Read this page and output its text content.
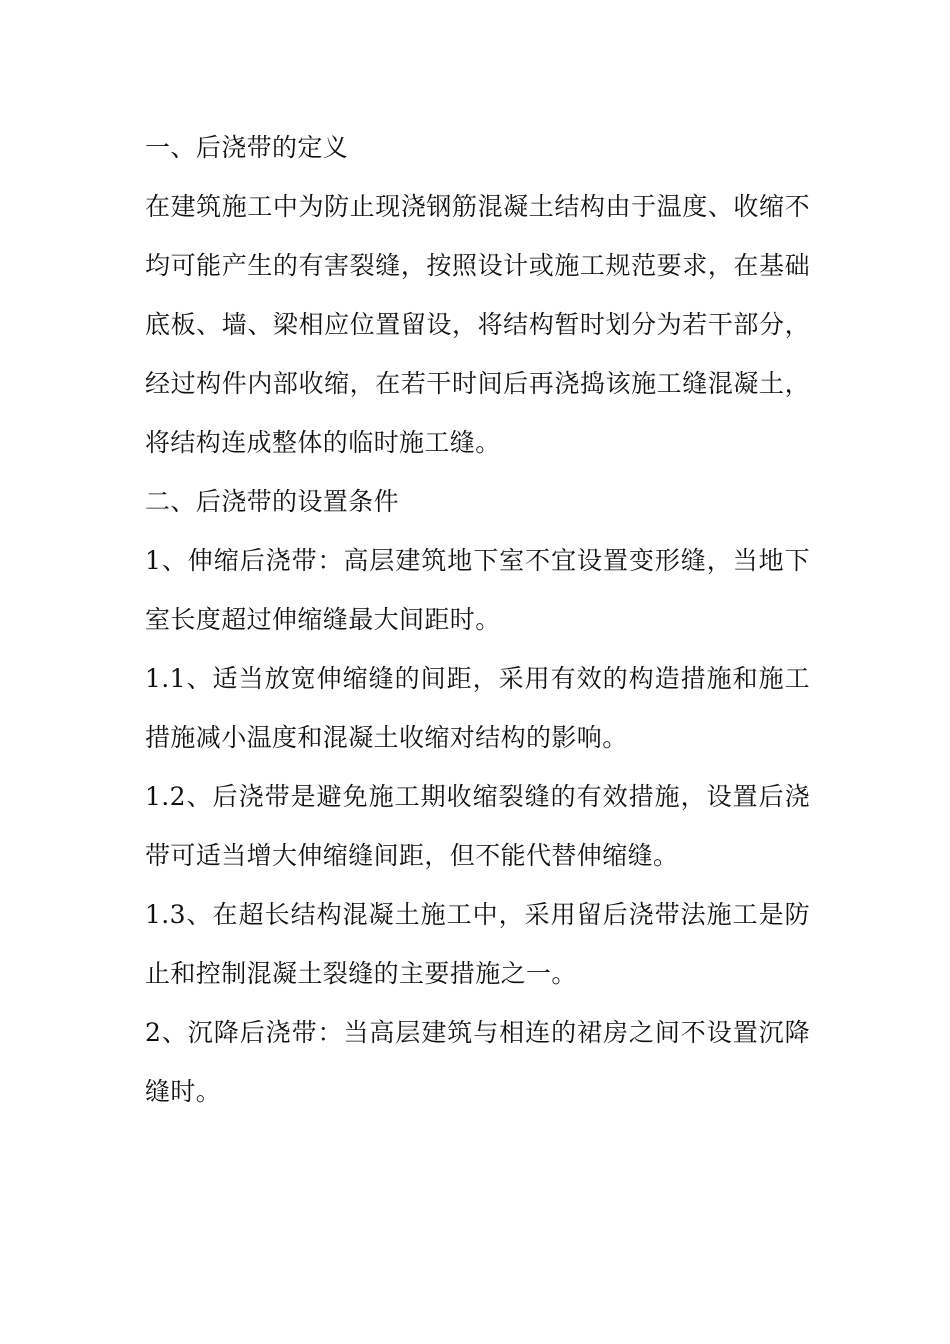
一、后浇带的定义

在建筑施工中为防止现浇钢筋混凝土结构由于温度、收缩不均可能产生的有害裂缝，按照设计或施工规范要求，在基础底板、墙、梁相应位置留设，将结构暂时划分为若干部分，经过构件内部收缩，在若干时间后再浇捣该施工缝混凝土，将结构连成整体的临时施工缝。

二、后浇带的设置条件

1、伸缩后浇带：高层建筑地下室不宜设置变形缝，当地下室长度超过伸缩缝最大间距时。

1.1、适当放宽伸缩缝的间距，采用有效的构造措施和施工措施减小温度和混凝土收缩对结构的影响。

1.2、后浇带是避免施工期收缩裂缝的有效措施，设置后浇带可适当增大伸缩缝间距，但不能代替伸缩缝。

1.3、在超长结构混凝土施工中，采用留后浇带法施工是防止和控制混凝土裂缝的主要措施之一。

2、沉降后浇带：当高层建筑与相连的裙房之间不设置沉降缝时。
